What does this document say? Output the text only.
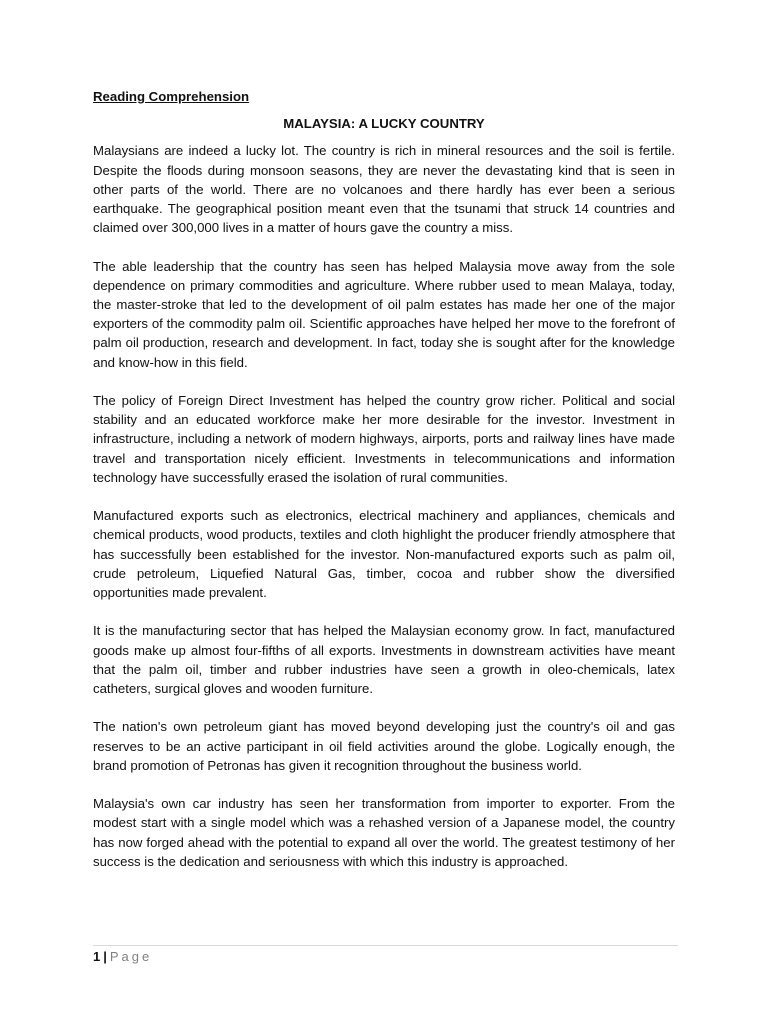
Reading Comprehension
MALAYSIA: A LUCKY COUNTRY

Malaysians are indeed a lucky lot. The country is rich in mineral resources and the soil is fertile. Despite the floods during monsoon seasons, they are never the devastating kind that is seen in other parts of the world. There are no volcanoes and there hardly has ever been a serious earthquake. The geographical position meant even that the tsunami that struck 14 countries and claimed over 300,000 lives in a matter of hours gave the country a miss.

The able leadership that the country has seen has helped Malaysia move away from the sole dependence on primary commodities and agriculture. Where rubber used to mean Malaya, today, the master-stroke that led to the development of oil palm estates has made her one of the major exporters of the commodity palm oil. Scientific approaches have helped her move to the forefront of palm oil production, research and development. In fact, today she is sought after for the knowledge and know-how in this field.

The policy of Foreign Direct Investment has helped the country grow richer. Political and social stability and an educated workforce make her more desirable for the investor. Investment in infrastructure, including a network of modern highways, airports, ports and railway lines have made travel and transportation nicely efficient. Investments in telecommunications and information technology have successfully erased the isolation of rural communities.

Manufactured exports such as electronics, electrical machinery and appliances, chemicals and chemical products, wood products, textiles and cloth highlight the producer friendly atmosphere that has successfully been established for the investor. Non-manufactured exports such as palm oil, crude petroleum, Liquefied Natural Gas, timber, cocoa and rubber show the diversified opportunities made prevalent.

It is the manufacturing sector that has helped the Malaysian economy grow. In fact, manufactured goods make up almost four-fifths of all exports. Investments in downstream activities have meant that the palm oil, timber and rubber industries have seen a growth in oleo-chemicals, latex catheters, surgical gloves and wooden furniture.

The nation's own petroleum giant has moved beyond developing just the country's oil and gas reserves to be an active participant in oil field activities around the globe. Logically enough, the brand promotion of Petronas has given it recognition throughout the business world.

Malaysia's own car industry has seen her transformation from importer to exporter. From the modest start with a single model which was a rehashed version of a Japanese model, the country has now forged ahead with the potential to expand all over the world. The greatest testimony of her success is the dedication and seriousness with which this industry is approached.

1 | Page
